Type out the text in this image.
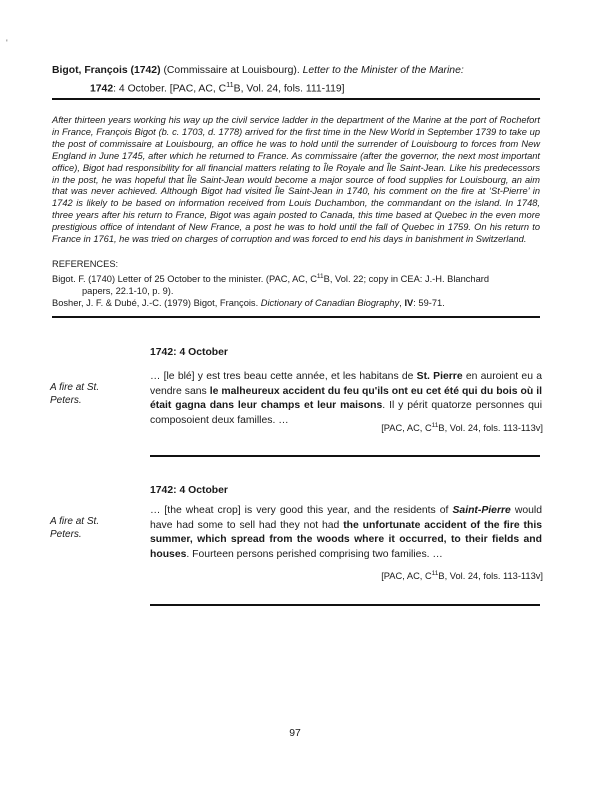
'
Bigot, François (1742) (Commissaire at Louisbourg). Letter to the Minister of the Marine:
1742: 4 October. [PAC, AC, $C^{11}B$, Vol. 24, fols. 111-119]
After thirteen years working his way up the civil service ladder in the department of the Marine at the port of Rochefort in France, François Bigot (b. c. 1703, d. 1778) arrived for the first time in the New World in September 1739 to take up the post of commissaire at Louisbourg, an office he was to hold until the surrender of Louisbourg to forces from New England in June 1745, after which he returned to France. As commissaire (after the governor, the next most important office), Bigot had responsibility for all financial matters relating to Île Royale and Île Saint-Jean. Like his predecessors in the post, he was hopeful that Île Saint-Jean would become a major source of food supplies for Louisbourg, an aim that was never achieved. Although Bigot had visited Île Saint-Jean in 1740, his comment on the fire at ‘St-Pierre’ in 1742 is likely to be based on information received from Louis Duchambon, the commandant on the island. In 1748, three years after his return to France, Bigot was again posted to Canada, this time based at Quebec in the even more prestigious office of intendant of New France, a post he was to hold until the fall of Quebec in 1759. On his return to France in 1761, he was tried on charges of corruption and was forced to end his days in banishment in Switzerland.
REFERENCES:
Bigot. F. (1740) Letter of 25 October to the minister. (PAC, AC, $C^{11}B$, Vol. 22; copy in CEA: J.-H. Blanchard
papers, 22.1-10, p. 9).
Bosher, J. F. & Dubé, J.-C. (1979) Bigot, François. Dictionary of Canadian Biography, IV: 59-71.
1742: 4 October
A fire at St. Peters.
… [le blé] y est tres beau cette année, et les habitans de St. Pierre en auroient eu a vendre sans le malheureux accident du feu qu'ils ont eu cet été qui du bois où il était gagna dans leur champs et leur maisons. Il y périt quatorze personnes qui composoient deux familles. …
[PAC, AC, $C^{11}B$, Vol. 24, fols. 113-113v]
1742: 4 October
A fire at St. Peters.
… [the wheat crop] is very good this year, and the residents of Saint-Pierre would have had some to sell had they not had the unfortunate accident of the fire this summer, which spread from the woods where it occurred, to their fields and houses. Fourteen persons perished comprising two families. …
[PAC, AC, $C^{11}B$, Vol. 24, fols. 113-113v]
97
